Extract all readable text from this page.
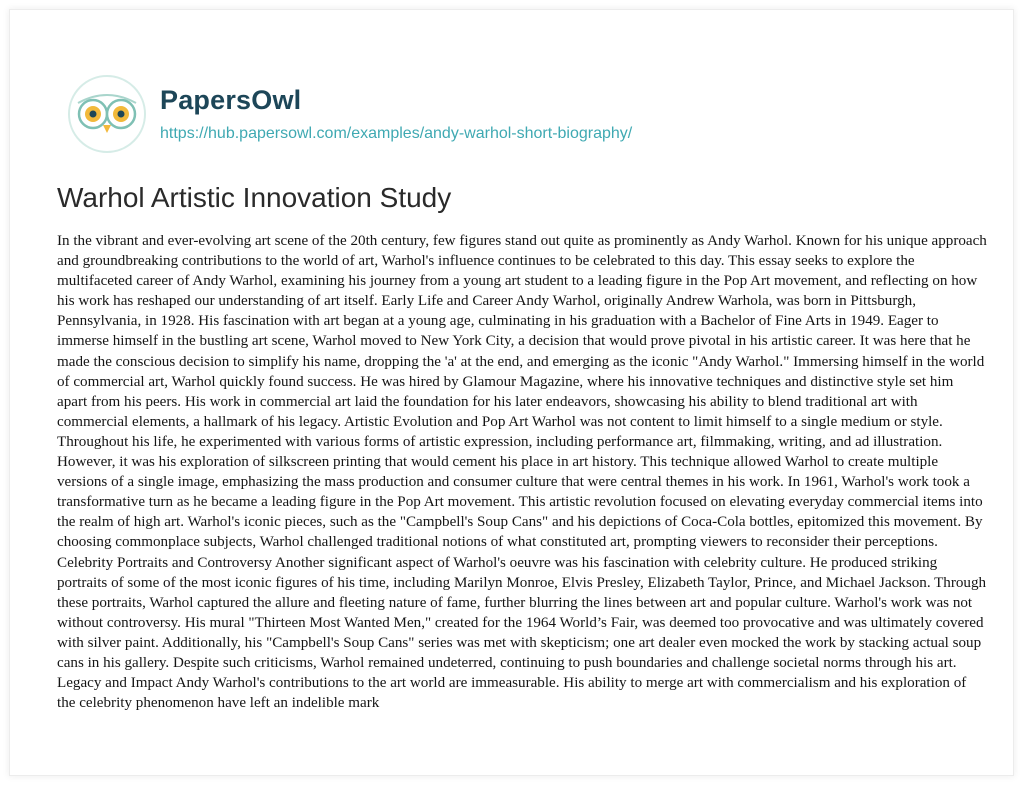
PapersOwl
https://hub.papersowl.com/examples/andy-warhol-short-biography/
Warhol Artistic Innovation Study

In the vibrant and ever-evolving art scene of the 20th century, few figures stand out quite as prominently as Andy Warhol. Known for his unique approach and groundbreaking contributions to the world of art, Warhol's influence continues to be celebrated to this day. This essay seeks to explore the multifaceted career of Andy Warhol, examining his journey from a young art student to a leading figure in the Pop Art movement, and reflecting on how his work has reshaped our understanding of art itself. Early Life and Career Andy Warhol, originally Andrew Warhola, was born in Pittsburgh, Pennsylvania, in 1928. His fascination with art began at a young age, culminating in his graduation with a Bachelor of Fine Arts in 1949. Eager to immerse himself in the bustling art scene, Warhol moved to New York City, a decision that would prove pivotal in his artistic career. It was here that he made the conscious decision to simplify his name, dropping the 'a' at the end, and emerging as the iconic "Andy Warhol." Immersing himself in the world of commercial art, Warhol quickly found success. He was hired by Glamour Magazine, where his innovative techniques and distinctive style set him apart from his peers. His work in commercial art laid the foundation for his later endeavors, showcasing his ability to blend traditional art with commercial elements, a hallmark of his legacy. Artistic Evolution and Pop Art Warhol was not content to limit himself to a single medium or style. Throughout his life, he experimented with various forms of artistic expression, including performance art, filmmaking, writing, and ad illustration. However, it was his exploration of silkscreen printing that would cement his place in art history. This technique allowed Warhol to create multiple versions of a single image, emphasizing the mass production and consumer culture that were central themes in his work. In 1961, Warhol's work took a transformative turn as he became a leading figure in the Pop Art movement. This artistic revolution focused on elevating everyday commercial items into the realm of high art. Warhol's iconic pieces, such as the "Campbell's Soup Cans" and his depictions of Coca-Cola bottles, epitomized this movement. By choosing commonplace subjects, Warhol challenged traditional notions of what constituted art, prompting viewers to reconsider their perceptions. Celebrity Portraits and Controversy Another significant aspect of Warhol's oeuvre was his fascination with celebrity culture. He produced striking portraits of some of the most iconic figures of his time, including Marilyn Monroe, Elvis Presley, Elizabeth Taylor, Prince, and Michael Jackson. Through these portraits, Warhol captured the allure and fleeting nature of fame, further blurring the lines between art and popular culture. Warhol's work was not without controversy. His mural "Thirteen Most Wanted Men," created for the 1964 World’s Fair, was deemed too provocative and was ultimately covered with silver paint. Additionally, his "Campbell's Soup Cans" series was met with skepticism; one art dealer even mocked the work by stacking actual soup cans in his gallery. Despite such criticisms, Warhol remained undeterred, continuing to push boundaries and challenge societal norms through his art. Legacy and Impact Andy Warhol's contributions to the art world are immeasurable. His ability to merge art with commercialism and his exploration of the celebrity phenomenon have left an indelible mark
